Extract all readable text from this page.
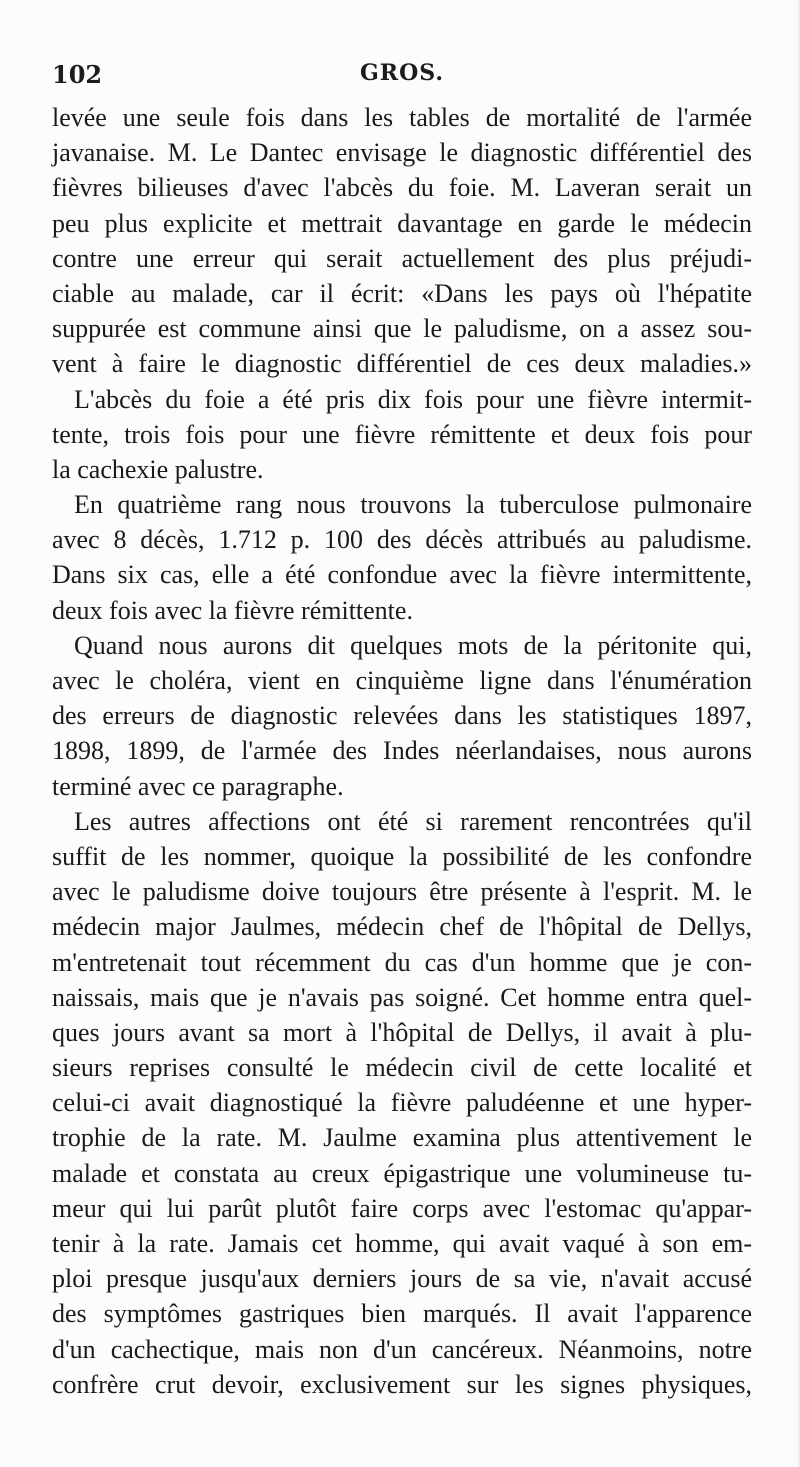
102	GROS.
levée une seule fois dans les tables de mortalité de l'armée
javanaise. M. Le Dantec envisage le diagnostic différentiel des
fièvres bilieuses d'avec l'abcès du foie. M. Laveran serait un
peu plus explicite et mettrait davantage en garde le médecin
contre une erreur qui serait actuellement des plus préjudi-
ciable au malade, car il écrit: «Dans les pays où l'hépatite
suppurée est commune ainsi que le paludisme, on a assez sou-
vent à faire le diagnostic différentiel de ces deux maladies.»
L'abcès du foie a été pris dix fois pour une fièvre intermit-
tente, trois fois pour une fièvre rémittente et deux fois pour
la cachexie palustre.
En quatrième rang nous trouvons la tuberculose pulmonaire
avec 8 décès, 1.712 p. 100 des décès attribués au paludisme.
Dans six cas, elle a été confondue avec la fièvre intermittente,
deux fois avec la fièvre rémittente.
Quand nous aurons dit quelques mots de la péritonite qui,
avec le choléra, vient en cinquième ligne dans l'énumération
des erreurs de diagnostic relevées dans les statistiques 1897,
1898, 1899, de l'armée des Indes néerlandaises, nous aurons
terminé avec ce paragraphe.
Les autres affections ont été si rarement rencontrées qu'il
suffit de les nommer, quoique la possibilité de les confondre
avec le paludisme doive toujours être présente à l'esprit. M. le
médecin major Jaulmes, médecin chef de l'hôpital de Dellys,
m'entretenait tout récemment du cas d'un homme que je con-
naissais, mais que je n'avais pas soigné. Cet homme entra quel-
ques jours avant sa mort à l'hôpital de Dellys, il avait à plu-
sieurs reprises consulté le médecin civil de cette localité et
celui-ci avait diagnostiqué la fièvre paludéenne et une hyper-
trophie de la rate. M. Jaulme examina plus attentivement le
malade et constata au creux épigastrique une volumineuse tu-
meur qui lui parût plutôt faire corps avec l'estomac qu'appar-
tenir à la rate. Jamais cet homme, qui avait vaqué à son em-
ploi presque jusqu'aux derniers jours de sa vie, n'avait accusé
des symptômes gastriques bien marqués. Il avait l'apparence
d'un cachectique, mais non d'un cancéreux. Néanmoins, notre
confrère crut devoir, exclusivement sur les signes physiques,
